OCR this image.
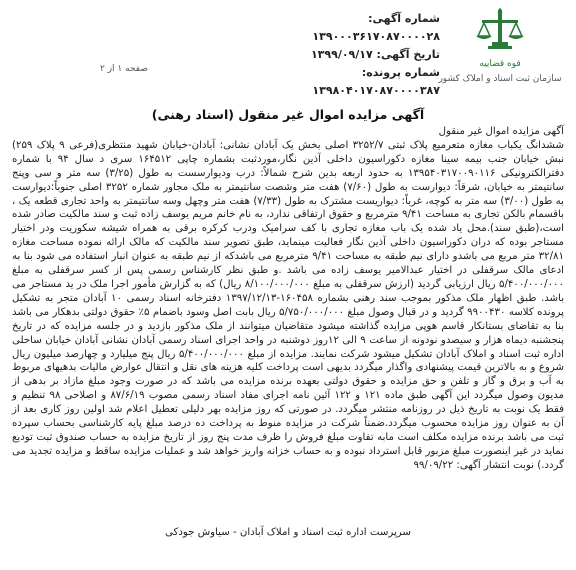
قوه قضاییه
سازمان ثبت اسناد و املاک کشور
شماره آگهی: ۱۳۹۰۰۰۳۶۱۷۰۸۷۰۰۰۰۲۸
تاریخ آگهی: ۱۳۹۹/۰۹/۱۷
شماره پرونده: ۱۳۹۸۰۴۰۱۷۰۸۷۰۰۰۰۳۸۷
صفحه ۱ از ۲
آگهی مزایده اموال غیر منقول (اسناد رهنی)

آگهی مزایده اموال غیر منقول

ششدانگ یکباب مغازه متعرمیع پلاک ثبتی ۳۲۵۲/۷ اصلی بخش یک آبادان نشانی: آبادان-خیابان شهید منتظری(فرعی ۹ پلاک ۲۵۹) نبش خیابان جنب بیمه سینا مغازه دکوراسیون داخلی آذین نگار،موردثبت بشماره چاپی ۱۶۴۵۱۲ سری د سال ۹۴ با شماره دفترالکترونیکی ۱۳۹۵۴۰۳۱۷۰۰۹۰۱۱۶ به حدود اربعه بدین شرح شمالاً: درب ودیوارسست به طول (۳/۲۵) سه متر و سی وپنج سانتیمتر به خیابان، شرقاً: دیوارست به طول (۷/۶۰) هفت متر وشصت سانتیمتر به ملک مجاور شماره ۳۲۵۲ اصلی جنوباً:دیوارست به طول (۳/۰۰) سه متر به کوچه، غرباً: دیواریست مشترک به طول (۷/۳۳) هفت متر وچهل وسه سانتیمتر به واحد تجاری قطعه یک ، باقسمام بالکن تجاری به مساحت ۹/۴۱ مترمربع و حقوق ارتفاقی ندارد، به نام خانم مریم یوسف زاده ثبت و سند مالکیت صادر شده است،(طبق سند).محل یاد شده یک باب مغازه تجاری با کف سرامیک ودرب کرکره برقی به همراه شیشه سکوریت ودر اختیار مستاجر بوده که دران دکوراسیون داخلی آذین نگار فعالیت مینماید، طبق تصویر سند مالکیت که مالک ارائه نموده مساحت مغازه ۳۲/۸۱ متر مربع می باشدو دارای نیم طبقه به مساحت ۹/۴۱ مترمربع می باشدکه از نیم طبقه به عنوان انبار استفاده می شود بنا به ادعای مالک سرقفلی در اختیار عبدالامیر یوسف زاده می باشد .و طبق نظر کارشناس رسمی پس از کسر سرقفلی به مبلغ ۵/۴۰۰/۰۰۰/۰۰۰ ریال ارزیابی گردید (ارزش سرقفلی به مبلغ ۸/۱۰۰/۰۰۰/۰۰۰ ریال) که به گزارش مأمور اجرا ملک در ید مستاجر می باشد. طبق اظهار ملک مذکور بموجب سند رهنی بشماره ۱۶۰۴۵۸-۱۳۹۷/۱۲/۱۳ دفترخانه اسناد رسمی ۱۰ آبادان متجر به تشکیل پرونده کلاسه ۹۹۰۰۴۳۰ گردید و در قبال وصول مبلغ ۵/۷۵۰/۰۰۰/۰۰۰ ریال بابت اصل وسود باضمام ۵٪ حقوق دولتی بدهکار می باشد بنا به تقاضای بستانکار قاسم هوپی مزایده گذاشته میشود متقاضیان میتوانند از ملک مذکور بازدید و در جلسه مزایده که در تاریخ پنجشنبه دیماه هزار و سیصدو نودونه از ساعت ۹ الی ۱۲روز دوشنبه در واحد اجرای اسناد رسمی آبادان نشانی آبادان خیابان ساحلی اداره ثبت اسناد و املاک آبادان تشکیل میشود شرکت نمایند. مزایده از مبلغ ۵/۴۰۰/۰۰۰/۰۰۰ ریال پنج میلیارد و چهارصد میلیون ریال شروع و به بالاترین قیمت پیشنهادی واگذار میگردد بدیهی است پرداخت کلیه هزینه های نقل و انتقال عوارض مالیات بدهیهای مربوط به آب و برق و گاز و تلفن و حق مزایده و حقوق دولتی بعهده برنده مزایده می باشد که در صورت وجود مبلغ مازاد بر بدهی از مدیون وصول میگردد این آگهی طبق ماده ۱۲۱ و ۱۲۲ آئین نامه اجرای مفاد اسناد رسمی مصوب ۸۷/۶/۱۹ و اصلاحی ۹۸ تنظیم و فقط یک نوبت به تاریخ ذیل در روزنامه منتشر میگردد. در صورتی که روز مزایده بهر دلیلی تعطیل اعلام شد اولین روز کاری بعد از آن به عنوان روز مزایده محسوب میگردد.ضمناً شرکت در مزایده منوط به پرداخت ده درصد مبلغ پایه کارشناسی بحساب سپرده ثبت می باشد برنده مزایده مکلف است مابه تفاوت مبلغ فروش را ظرف مدت پنج روز از تاریخ مزایده به حساب صندوق ثبت تودیع نماید در غیر اینصورت مبلغ مزبور قابل استرداد نبوده و به حساب خزانه واریز خواهد شد و عملیات مزایده ساقط و مزایده تجدید می گردد.) نوبت انتشار آگهی: ۹۹/۰۹/۲۲

سرپرست اداره ثبت اسناد و املاک آبادان - سیاوش جودکی
